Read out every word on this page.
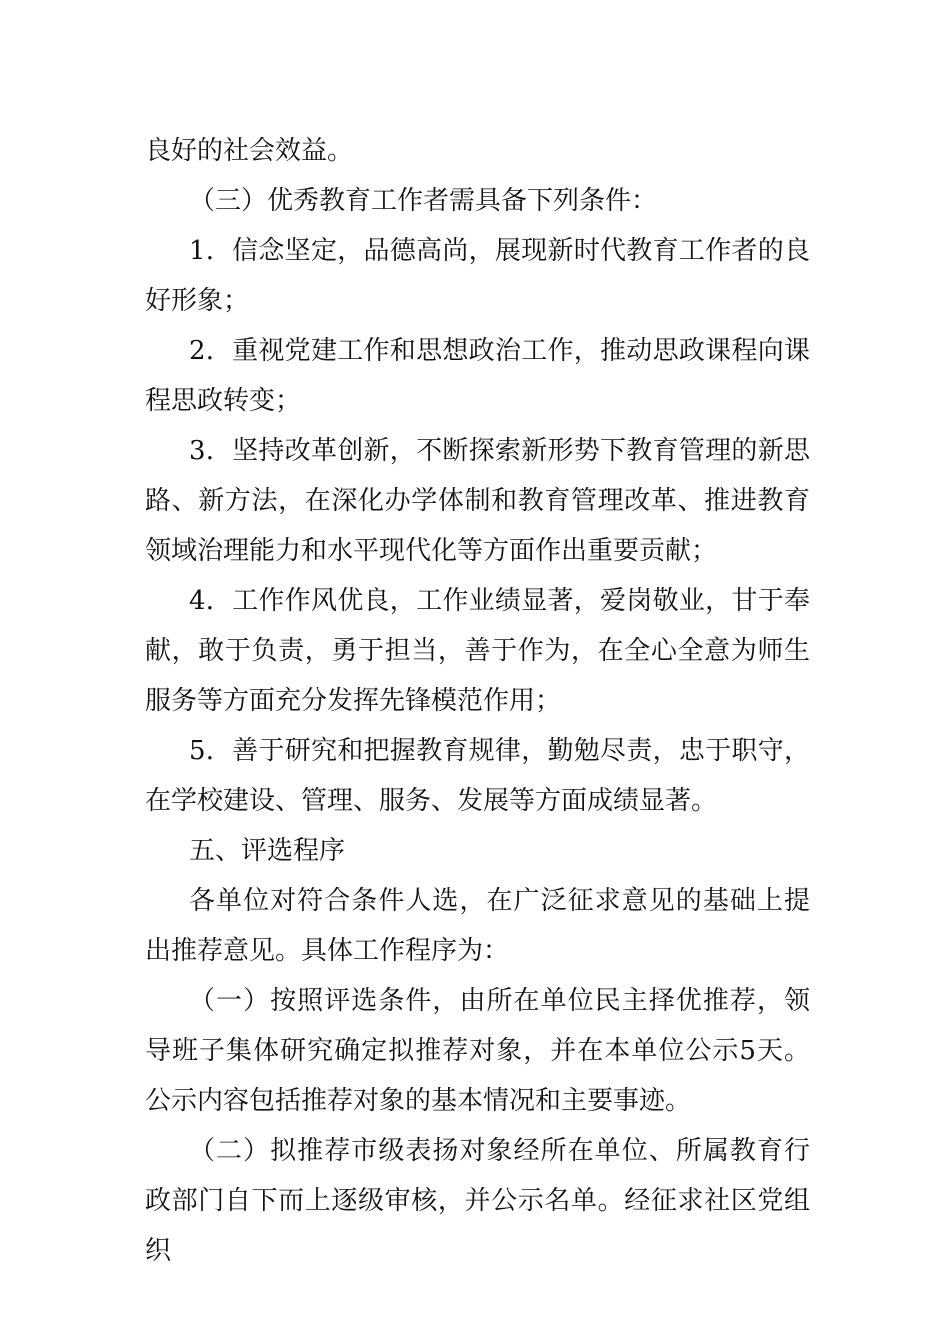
良好的社会效益。
（三）优秀教育工作者需具备下列条件：
1．信念坚定，品德高尚，展现新时代教育工作者的良好形象；
2．重视党建工作和思想政治工作，推动思政课程向课程思政转变；
3．坚持改革创新，不断探索新形势下教育管理的新思路、新方法，在深化办学体制和教育管理改革、推进教育领域治理能力和水平现代化等方面作出重要贡献；
4．工作作风优良，工作业绩显著，爱岗敬业，甘于奉献，敢于负责，勇于担当，善于作为，在全心全意为师生服务等方面充分发挥先锋模范作用；
5．善于研究和把握教育规律，勤勉尽责，忠于职守，在学校建设、管理、服务、发展等方面成绩显著。
五、评选程序
各单位对符合条件人选，在广泛征求意见的基础上提出推荐意见。具体工作程序为：
（一）按照评选条件，由所在单位民主择优推荐，领导班子集体研究确定拟推荐对象，并在本单位公示5天。公示内容包括推荐对象的基本情况和主要事迹。
（二）拟推荐市级表扬对象经所在单位、所属教育行政部门自下而上逐级审核，并公示名单。经征求社区党组织
